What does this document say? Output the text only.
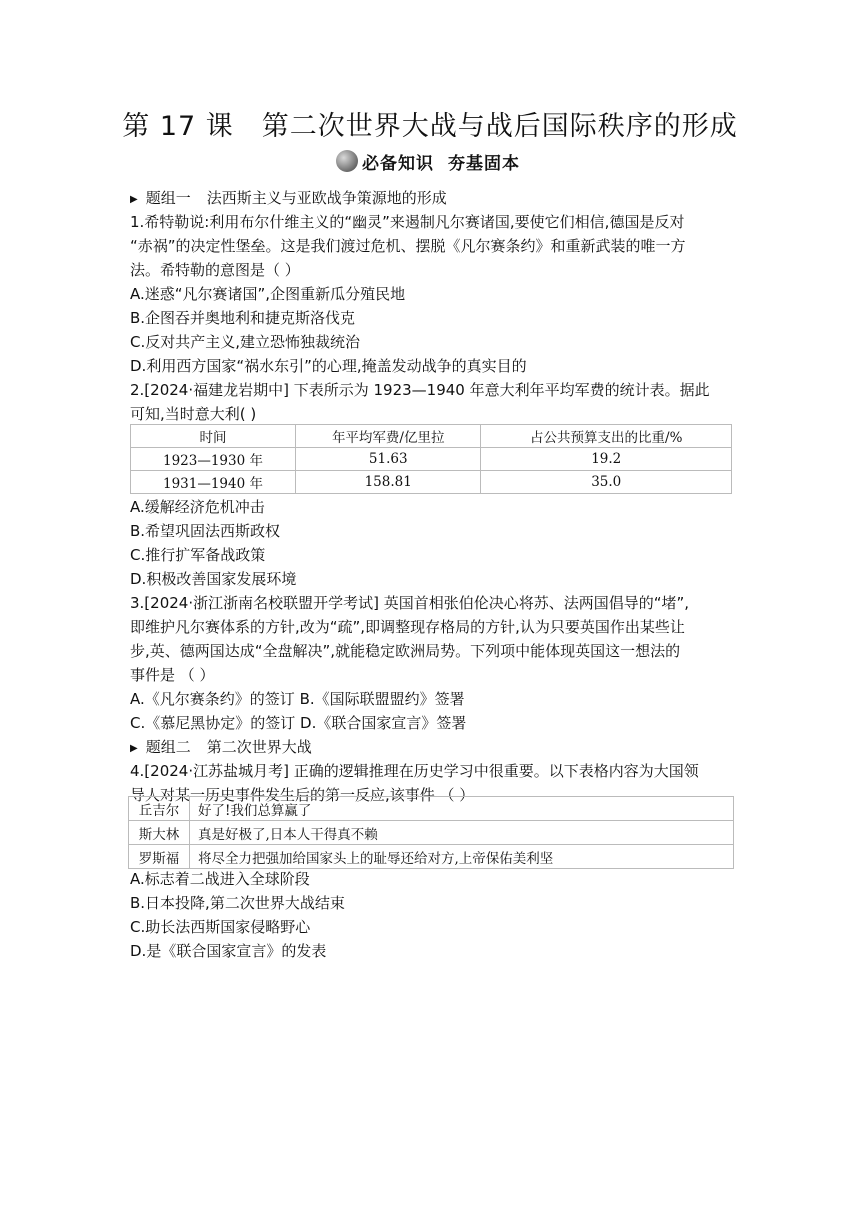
第 17 课 第二次世界大战与战后国际秩序的形成
必备知识 夯基固本
▶ 题组一 法西斯主义与亚欧战争策源地的形成
1.希特勒说:利用布尔什维主义的“幽灵”来遏制凡尔赛诸国,要使它们相信,德国是反对
“赤祸”的决定性堡垒。这是我们渡过危机、摆脱《凡尔赛条约》和重新武装的唯一方
法。希特勒的意图是（ ）
A.迷惑“凡尔赛诸国”,企图重新瓜分殖民地
B.企图吞并奥地利和捷克斯洛伐克
C.反对共产主义,建立恐怖独裁统治
D.利用西方国家“祸水东引”的心理,掩盖发动战争的真实目的
2.[2024·福建龙岩期中] 下表所示为 1923—1940 年意大利年平均军费的统计表。据此
可知,当时意大利( )
时间	年平均军费/亿里拉	占公共预算支出的比重/%
1923—1930 年	51.63	19.2
1931—1940 年	158.81	35.0
A.缓解经济危机冲击
B.希望巩固法西斯政权
C.推行扩军备战政策
D.积极改善国家发展环境
3.[2024·浙江浙南名校联盟开学考试] 英国首相张伯伦决心将苏、法两国倡导的“堵”,
即维护凡尔赛体系的方针,改为“疏”,即调整现存格局的方针,认为只要英国作出某些让
步,英、德两国达成“全盘解决”,就能稳定欧洲局势。下列项中能体现英国这一想法的
事件是 （ ）
A.《凡尔赛条约》的签订 B.《国际联盟盟约》签署
C.《慕尼黑协定》的签订 D.《联合国家宣言》签署
▶ 题组二 第二次世界大战
4.[2024·江苏盐城月考] 正确的逻辑推理在历史学习中很重要。以下表格内容为大国领
导人对某一历史事件发生后的第一反应,该事件 （ ）
丘吉尔	好了!我们总算赢了
斯大林	真是好极了,日本人干得真不赖
罗斯福	将尽全力把强加给国家头上的耻辱还给对方,上帝保佑美利坚
A.标志着二战进入全球阶段
B.日本投降,第二次世界大战结束
C.助长法西斯国家侵略野心
D.是《联合国家宣言》的发表
